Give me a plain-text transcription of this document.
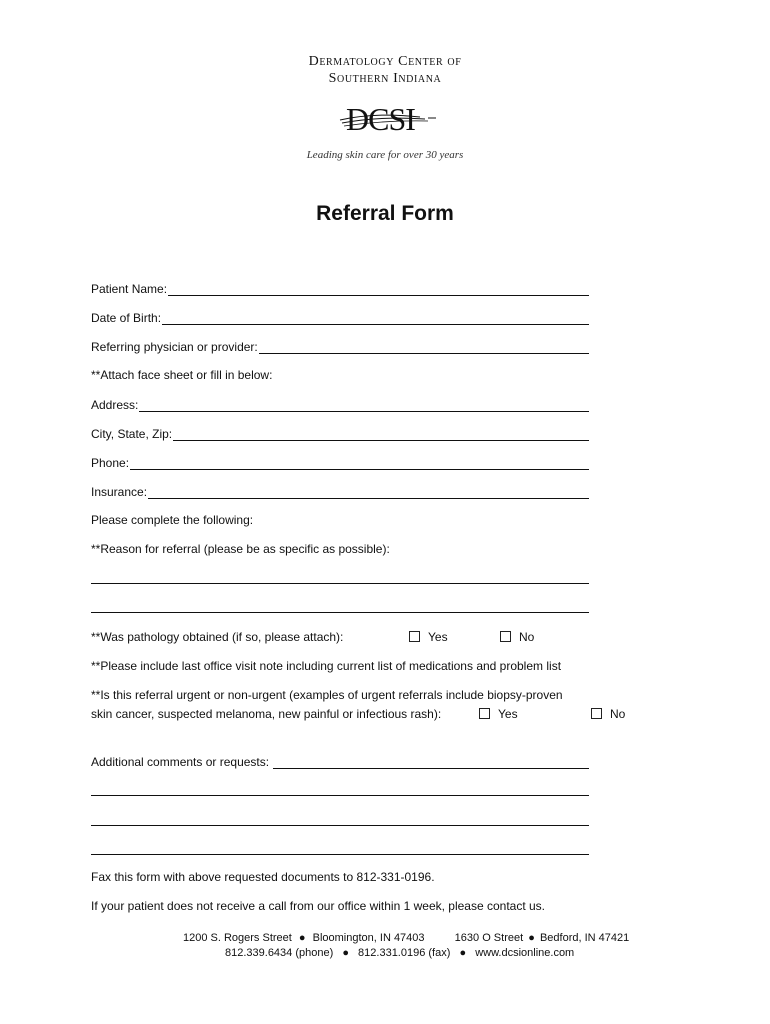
Dermatology Center of
Southern Indiana
DCSI
Leading skin care for over 30 years
Referral Form
Patient Name:
Date of Birth:
Referring physician or provider:
**Attach face sheet or fill in below:
Address:
City, State, Zip:
Phone:
Insurance:
Please complete the following:
**Reason for referral (please be as specific as possible):
**Was pathology obtained (if so, please attach):	Yes	No
**Please include last office visit note including current list of medications and problem list
**Is this referral urgent or non-urgent (examples of urgent referrals include biopsy-proven
skin cancer, suspected melanoma, new painful or infectious rash):	Yes	No
Additional comments or requests:
Fax this form with above requested documents to 812-331-0196.
If your patient does not receive a call from our office within 1 week, please contact us.
1200 S. Rogers Street ● Bloomington, IN 47403	1630 O Street ● Bedford, IN 47421
812.339.6434 (phone) ● 812.331.0196 (fax) ● www.dcsionline.com
